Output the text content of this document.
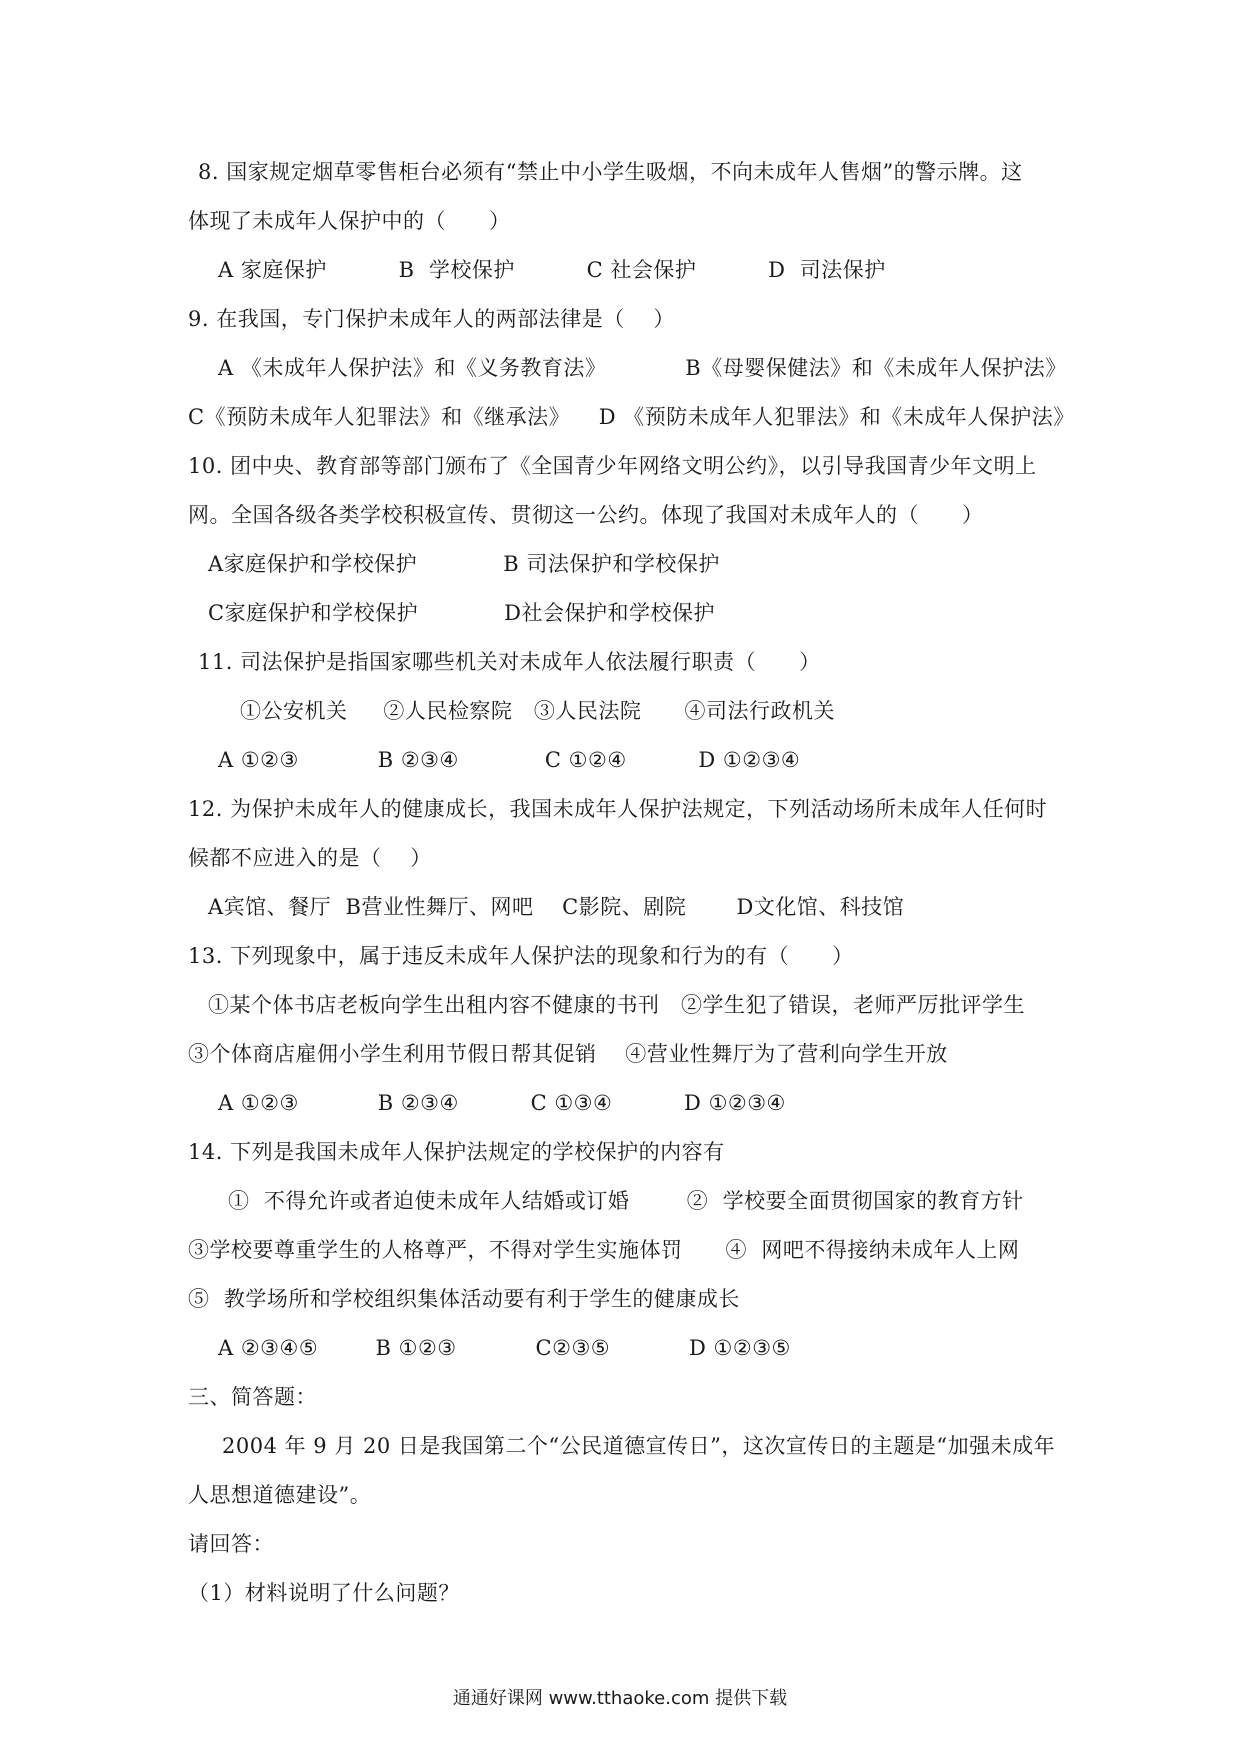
8. 国家规定烟草零售柜台必须有“禁止中小学生吸烟，不向未成年人售烟”的警示牌。这
体现了未成年人保护中的（      ）
A 家庭保护          B  学校保护          C 社会保护          D  司法保护
9. 在我国，专门保护未成年人的两部法律是（    ）
A 《未成年人保护法》和《义务教育法》           B《母婴保健法》和《未成年人保护法》
C《预防未成年人犯罪法》和《继承法》    D 《预防未成年人犯罪法》和《未成年人保护法》
10. 团中央、教育部等部门颁布了《全国青少年网络文明公约》，以引导我国青少年文明上
网。全国各级各类学校积极宣传、贯彻这一公约。体现了我国对未成年人的（      ）
A家庭保护和学校保护            B 司法保护和学校保护
C家庭保护和学校保护            D社会保护和学校保护
11. 司法保护是指国家哪些机关对未成年人依法履行职责（      ）
①公安机关     ②人民检察院   ③人民法院      ④司法行政机关
A ①②③           B ②③④            C ①②④          D ①②③④
12. 为保护未成年人的健康成长，我国未成年人保护法规定，下列活动场所未成年人任何时
候都不应进入的是（    ）
A宾馆、餐厅  B营业性舞厅、网吧    C影院、剧院       D文化馆、科技馆
13. 下列现象中，属于违反未成年人保护法的现象和行为的有（      ）
①某个体书店老板向学生出租内容不健康的书刊   ②学生犯了错误，老师严厉批评学生
③个体商店雇佣小学生利用节假日帮其促销    ④营业性舞厅为了营利向学生开放
A ①②③           B ②③④          C ①③④          D ①②③④
14. 下列是我国未成年人保护法规定的学校保护的内容有
①  不得允许或者迫使未成年人结婚或订婚        ②  学校要全面贯彻国家的教育方针
③学校要尊重学生的人格尊严，不得对学生实施体罚      ④  网吧不得接纳未成年人上网
⑤  教学场所和学校组织集体活动要有利于学生的健康成长
A ②③④⑤        B ①②③           C②③⑤           D ①②③⑤
三、简答题：
2004 年 9 月 20 日是我国第二个“公民道德宣传日”，这次宣传日的主题是“加强未成年
人思想道德建设”。
请回答：
（1）材料说明了什么问题？
通通好课网 www.tthaoke.com 提供下载
